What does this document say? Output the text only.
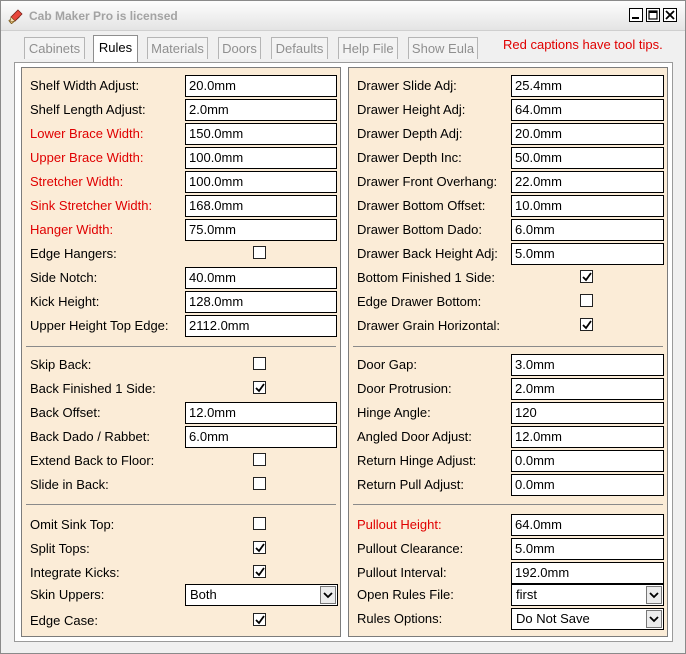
Cab Maker Pro is licensed
Cabinets	Rules	Materials	Doors	Defaults	Help File	Show Eula	Red captions have tool tips.
Shelf Width Adjust:	20.0mm
Shelf Length Adjust:	2.0mm
Lower Brace Width:	150.0mm
Upper Brace Width:	100.0mm
Stretcher Width:	100.0mm
Sink Stretcher Width:	168.0mm
Hanger Width:	75.0mm
Edge Hangers:
Side Notch:	40.0mm
Kick Height:	128.0mm
Upper Height Top Edge:	2112.0mm
Skip Back:
Back Finished 1 Side:
Back Offset:	12.0mm
Back Dado / Rabbet:	6.0mm
Extend Back to Floor:
Slide in Back:
Omit Sink Top:
Split Tops:
Integrate Kicks:
Skin Uppers:	Both
Edge Case:
Drawer Slide Adj:	25.4mm
Drawer Height Adj:	64.0mm
Drawer Depth Adj:	20.0mm
Drawer Depth Inc:	50.0mm
Drawer Front Overhang:	22.0mm
Drawer Bottom Offset:	10.0mm
Drawer Bottom Dado:	6.0mm
Drawer Back Height Adj:	5.0mm
Bottom Finished 1 Side:
Edge Drawer Bottom:
Drawer Grain Horizontal:
Door Gap:	3.0mm
Door Protrusion:	2.0mm
Hinge Angle:	120
Angled Door Adjust:	12.0mm
Return Hinge Adjust:	0.0mm
Return Pull Adjust:	0.0mm
Pullout Height:	64.0mm
Pullout Clearance:	5.0mm
Pullout Interval:	192.0mm
Open Rules File:	first
Rules Options:	Do Not Save
